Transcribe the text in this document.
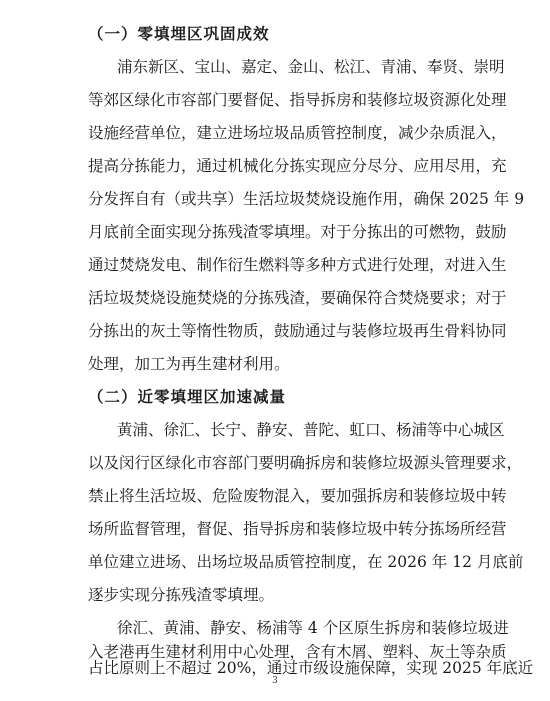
（一）零填埋区巩固成效
浦东新区、宝山、嘉定、金山、松江、青浦、奉贤、崇明
等郊区绿化市容部门要督促、指导拆房和装修垃圾资源化处理
设施经营单位，建立进场垃圾品质管控制度，减少杂质混入，
提高分拣能力，通过机械化分拣实现应分尽分、应用尽用，充
分发挥自有（或共享）生活垃圾焚烧设施作用，确保 2025 年 9
月底前全面实现分拣残渣零填埋。对于分拣出的可燃物，鼓励
通过焚烧发电、制作衍生燃料等多种方式进行处理，对进入生
活垃圾焚烧设施焚烧的分拣残渣，要确保符合焚烧要求；对于
分拣出的灰土等惰性物质，鼓励通过与装修垃圾再生骨料协同
处理，加工为再生建材利用。
（二）近零填埋区加速减量
黄浦、徐汇、长宁、静安、普陀、虹口、杨浦等中心城区
以及闵行区绿化市容部门要明确拆房和装修垃圾源头管理要求，
禁止将生活垃圾、危险废物混入，要加强拆房和装修垃圾中转
场所监督管理，督促、指导拆房和装修垃圾中转分拣场所经营
单位建立进场、出场垃圾品质管控制度，在 2026 年 12 月底前
逐步实现分拣残渣零填埋。
徐汇、黄浦、静安、杨浦等 4 个区原生拆房和装修垃圾进
入老港再生建材利用中心处理，含有木屑、塑料、灰土等杂质
占比原则上不超过 20%，通过市级设施保障，实现 2025 年底近
3
